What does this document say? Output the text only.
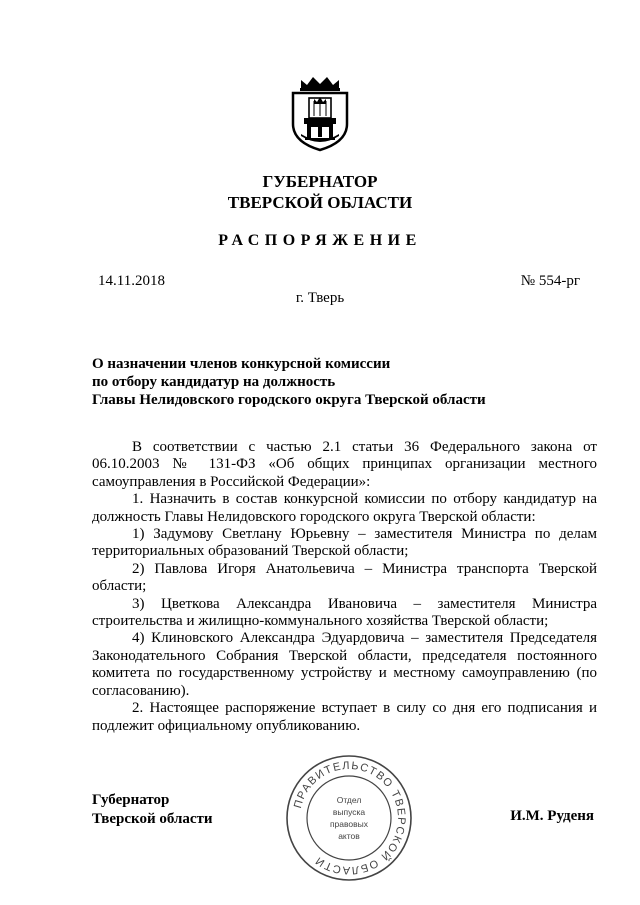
ГУБЕРНАТОР
ТВЕРСКОЙ ОБЛАСТИ
РАСПОРЯЖЕНИЕ
14.11.2018	№ 554-рг
г. Тверь
О назначении членов конкурсной комиссии
по отбору кандидатур на должность
Главы Нелидовского городского округа Тверской области

В соответствии с частью 2.1 статьи 36 Федерального закона от 06.10.2003 № 131-ФЗ «Об общих принципах организации местного самоуправления в Российской Федерации»:

1. Назначить в состав конкурсной комиссии по отбору кандидатур на должность Главы Нелидовского городского округа Тверской области:

1) Задумову Светлану Юрьевну – заместителя Министра по делам территориальных образований Тверской области;

2) Павлова Игоря Анатольевича – Министра транспорта Тверской области;

3) Цветкова Александра Ивановича – заместителя Министра строительства и жилищно-коммунального хозяйства Тверской области;

4) Клиновского Александра Эдуардовича – заместителя Председателя Законодательного Собрания Тверской области, председателя постоянного комитета по государственному устройству и местному самоуправлению (по согласованию).

2. Настоящее распоряжение вступает в силу со дня его подписания и подлежит официальному опубликованию.

Губернатор
Тверской области	И.М. Руденя
ПРАВИТЕЛЬСТВО ТВЕРСКОЙ ОБЛАСТИ
Отдел
выпуска
правовых
актов
